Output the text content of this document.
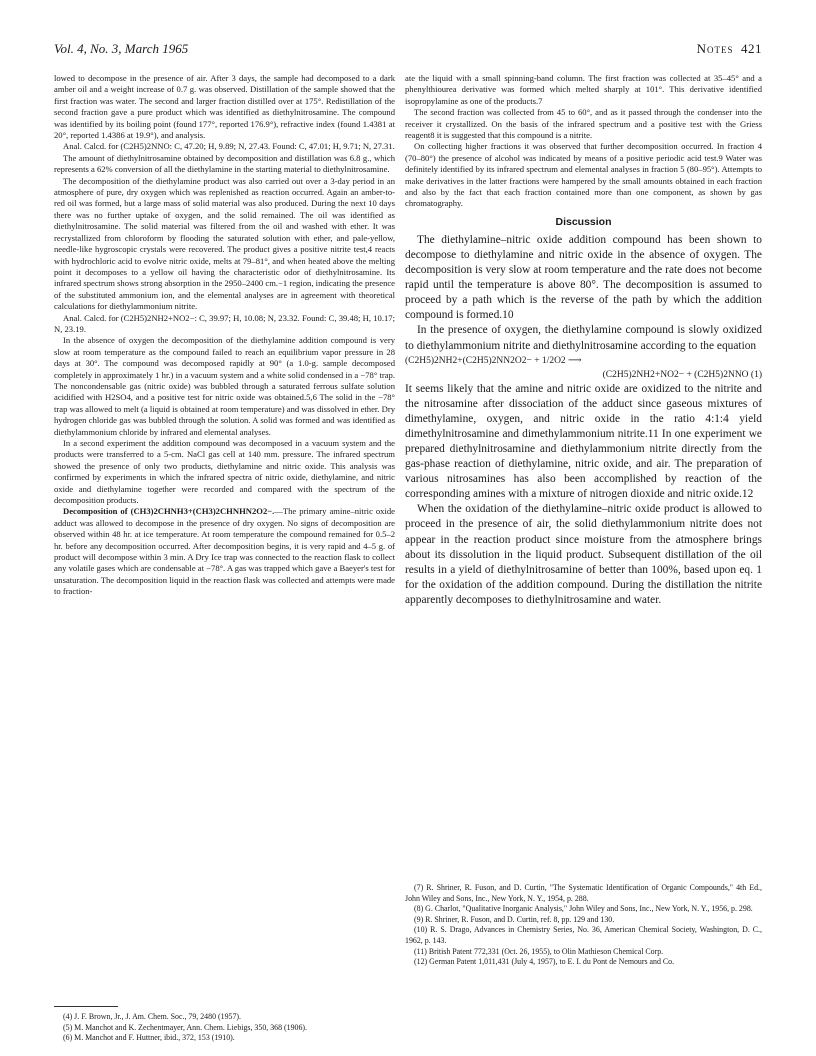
Vol. 4, No. 3, March 1965	Notes 421

lowed to decompose in the presence of air. After 3 days, the sample had decomposed to a dark amber oil and a weight increase of 0.7 g. was observed. Distillation of the sample showed that the first fraction was water. The second and larger fraction distilled over at 175°. Redistillation of the second fraction gave a pure product which was identified as diethylnitrosamine. The compound was identified by its boiling point (found 177°, reported 176.9°), refractive index (found 1.4381 at 20°, reported 1.4386 at 19.9°), and analysis.

Anal. Calcd. for (C2H5)2NNO: C, 47.20; H, 9.89; N, 27.43. Found: C, 47.01; H, 9.71; N, 27.31.

The amount of diethylnitrosamine obtained by decomposition and distillation was 6.8 g., which represents a 62% conversion of all the diethylamine in the starting material to diethylnitrosamine.

The decomposition of the diethylamine product was also carried out over a 3-day period in an atmosphere of pure, dry oxygen which was replenished as reaction occurred. Again an amber-to-red oil was formed, but a large mass of solid material was also produced. During the next 10 days there was no further uptake of oxygen, and the solid remained. The oil was identified as diethylnitrosamine. The solid material was filtered from the oil and washed with ether. It was recrystallized from chloroform by flooding the saturated solution with ether, and pale-yellow, needle-like hygroscopic crystals were recovered. The product gives a positive nitrite test,4 reacts with hydrochloric acid to evolve nitric oxide, melts at 79–81°, and when heated above the melting point it decomposes to a yellow oil having the characteristic odor of diethylnitrosamine. Its infrared spectrum shows strong absorption in the 2950–2400 cm.−1 region, indicating the presence of the substituted ammonium ion, and the elemental analyses are in agreement with theoretical calculations for diethylammonium nitrite.

Anal. Calcd. for (C2H5)2NH2+NO2−: C, 39.97; H, 10.08; N, 23.32. Found: C, 39.48; H, 10.17; N, 23.19.

In the absence of oxygen the decomposition of the diethylamine addition compound is very slow at room temperature as the compound failed to reach an equilibrium vapor pressure in 28 days at 30°. The compound was decomposed rapidly at 90° (a 1.0-g. sample decomposed completely in approximately 1 hr.) in a vacuum system and a white solid condensed in a −78° trap. The noncondensable gas (nitric oxide) was bubbled through a saturated ferrous sulfate solution acidified with H2SO4, and a positive test for nitric oxide was obtained.5,6 The solid in the −78° trap was allowed to melt (a liquid is obtained at room temperature) and was dissolved in ether. Dry hydrogen chloride gas was bubbled through the solution. A solid was formed and was identified as diethylammonium chloride by infrared and elemental analyses.

In a second experiment the addition compound was decomposed in a vacuum system and the products were transferred to a 5-cm. NaCl gas cell at 140 mm. pressure. The infrared spectrum showed the presence of only two products, diethylamine and nitric oxide. This analysis was confirmed by experiments in which the infrared spectra of nitric oxide, diethylamine, and nitric oxide and diethylamine together were recorded and compared with the spectrum of the decomposition products.

Decomposition of (CH3)2CHNH3+(CH3)2CHNHN2O2−.—The primary amine–nitric oxide adduct was allowed to decompose in the presence of dry oxygen. No signs of decomposition are observed within 48 hr. at ice temperature. At room temperature the compound remained for 0.5–2 hr. before any decomposition occurred. After decomposition begins, it is very rapid and 4–5 g. of product will decompose within 3 min. A Dry Ice trap was connected to the reaction flask to collect any volatile gases which are condensable at −78°. A gas was trapped which gave a Baeyer's test for unsaturation. The decomposition liquid in the reaction flask was collected and attempts were made to fraction-

(4) J. F. Brown, Jr., J. Am. Chem. Soc., 79, 2480 (1957).

(5) M. Manchot and K. Zechentmayer, Ann. Chem. Liebigs, 350, 368 (1906).

(6) M. Manchot and F. Huttner, ibid., 372, 153 (1910).

ate the liquid with a small spinning-band column. The first fraction was collected at 35–45° and a phenylthiourea derivative was formed which melted sharply at 101°. This derivative identified isopropylamine as one of the products.7

The second fraction was collected from 45 to 60°, and as it passed through the condenser into the receiver it crystallized. On the basis of the infrared spectrum and a positive test with the Griess reagent8 it is suggested that this compound is a nitrite.

On collecting higher fractions it was observed that further decomposition occurred. In fraction 4 (70–80°) the presence of alcohol was indicated by means of a positive periodic acid test.9 Water was definitely identified by its infrared spectrum and elemental analyses in fraction 5 (80–95°). Attempts to make derivatives in the latter fractions were hampered by the small amounts obtained in each fraction and also by the fact that each fraction contained more than one component, as shown by gas chromatography.

Discussion

The diethylamine–nitric oxide addition compound has been shown to decompose to diethylamine and nitric oxide in the absence of oxygen. The decomposition is very slow at room temperature and the rate does not become rapid until the temperature is above 80°. The decomposition is assumed to proceed by a path which is the reverse of the path by which the addition compound is formed.10

In the presence of oxygen, the diethylamine compound is slowly oxidized to diethylammonium nitrite and diethylnitrosamine according to the equation

(C2H5)2NH2+(C2H5)2NN2O2− + 1/2O2 ⟶
(C2H5)2NH2+NO2− + (C2H5)2NNO (1)

It seems likely that the amine and nitric oxide are oxidized to the nitrite and the nitrosamine after dissociation of the adduct since gaseous mixtures of dimethylamine, oxygen, and nitric oxide in the ratio 4:1:4 yield dimethylnitrosamine and dimethylammonium nitrite.11 In one experiment we prepared diethylnitrosamine and diethylammonium nitrite directly from the gas-phase reaction of diethylamine, nitric oxide, and air. The preparation of various nitrosamines has also been accomplished by reaction of the corresponding amines with a mixture of nitrogen dioxide and nitric oxide.12

When the oxidation of the diethylamine–nitric oxide product is allowed to proceed in the presence of air, the solid diethylammonium nitrite does not appear in the reaction product since moisture from the atmosphere brings about its dissolution in the liquid product. Subsequent distillation of the oil results in a yield of diethylnitrosamine of better than 100%, based upon eq. 1 for the oxidation of the addition compound. During the distillation the nitrite apparently decomposes to diethylnitrosamine and water.

(7) R. Shriner, R. Fuson, and D. Curtin, "The Systematic Identification of Organic Compounds," 4th Ed., John Wiley and Sons, Inc., New York, N. Y., 1954, p. 288.

(8) G. Charlot, "Qualitative Inorganic Analysis," John Wiley and Sons, Inc., New York, N. Y., 1956, p. 298.

(9) R. Shriner, R. Fuson, and D. Curtin, ref. 8, pp. 129 and 130.

(10) R. S. Drago, Advances in Chemistry Series, No. 36, American Chemical Society, Washington, D. C., 1962, p. 143.

(11) British Patent 772,331 (Oct. 26, 1955), to Olin Mathieson Chemical Corp.

(12) German Patent 1,011,431 (July 4, 1957), to E. I. du Pont de Nemours and Co.
